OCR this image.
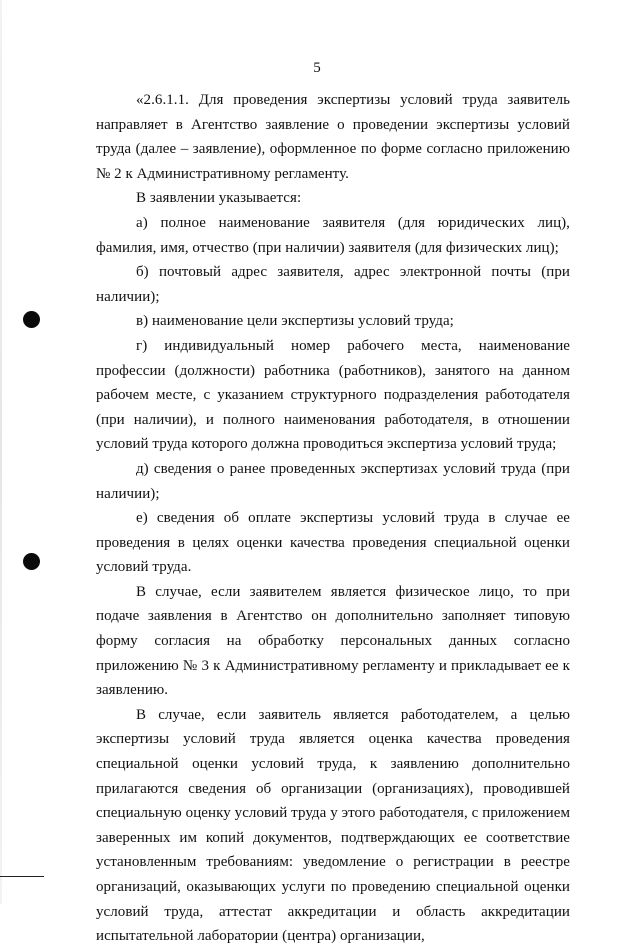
5

«2.6.1.1. Для проведения экспертизы условий труда заявитель направляет в Агентство заявление о проведении экспертизы условий труда (далее – заявление), оформленное по форме согласно приложению № 2 к Административному регламенту.

В заявлении указывается:

а) полное наименование заявителя (для юридических лиц), фамилия, имя, отчество (при наличии) заявителя (для физических лиц);

б) почтовый адрес заявителя, адрес электронной почты (при наличии);

в) наименование цели экспертизы условий труда;

г) индивидуальный номер рабочего места, наименование профессии (должности) работника (работников), занятого на данном рабочем месте, с указанием структурного подразделения работодателя (при наличии), и полного наименования работодателя, в отношении условий труда которого должна проводиться экспертиза условий труда;

д) сведения о ранее проведенных экспертизах условий труда (при наличии);

е) сведения об оплате экспертизы условий труда в случае ее проведения в целях оценки качества проведения специальной оценки условий труда.

В случае, если заявителем является физическое лицо, то при подаче заявления в Агентство он дополнительно заполняет типовую форму согласия на обработку персональных данных согласно приложению № 3 к Административному регламенту и прикладывает ее к заявлению.

В случае, если заявитель является работодателем, а целью экспертизы условий труда является оценка качества проведения специальной оценки условий труда, к заявлению дополнительно прилагаются сведения об организации (организациях), проводившей специальную оценку условий труда у этого работодателя, с приложением заверенных им копий документов, подтверждающих ее соответствие установленным требованиям: уведомление о регистрации в реестре организаций, оказывающих услуги по проведению специальной оценки условий труда, аттестат аккредитации и область аккредитации испытательной лаборатории (центра) организации,
